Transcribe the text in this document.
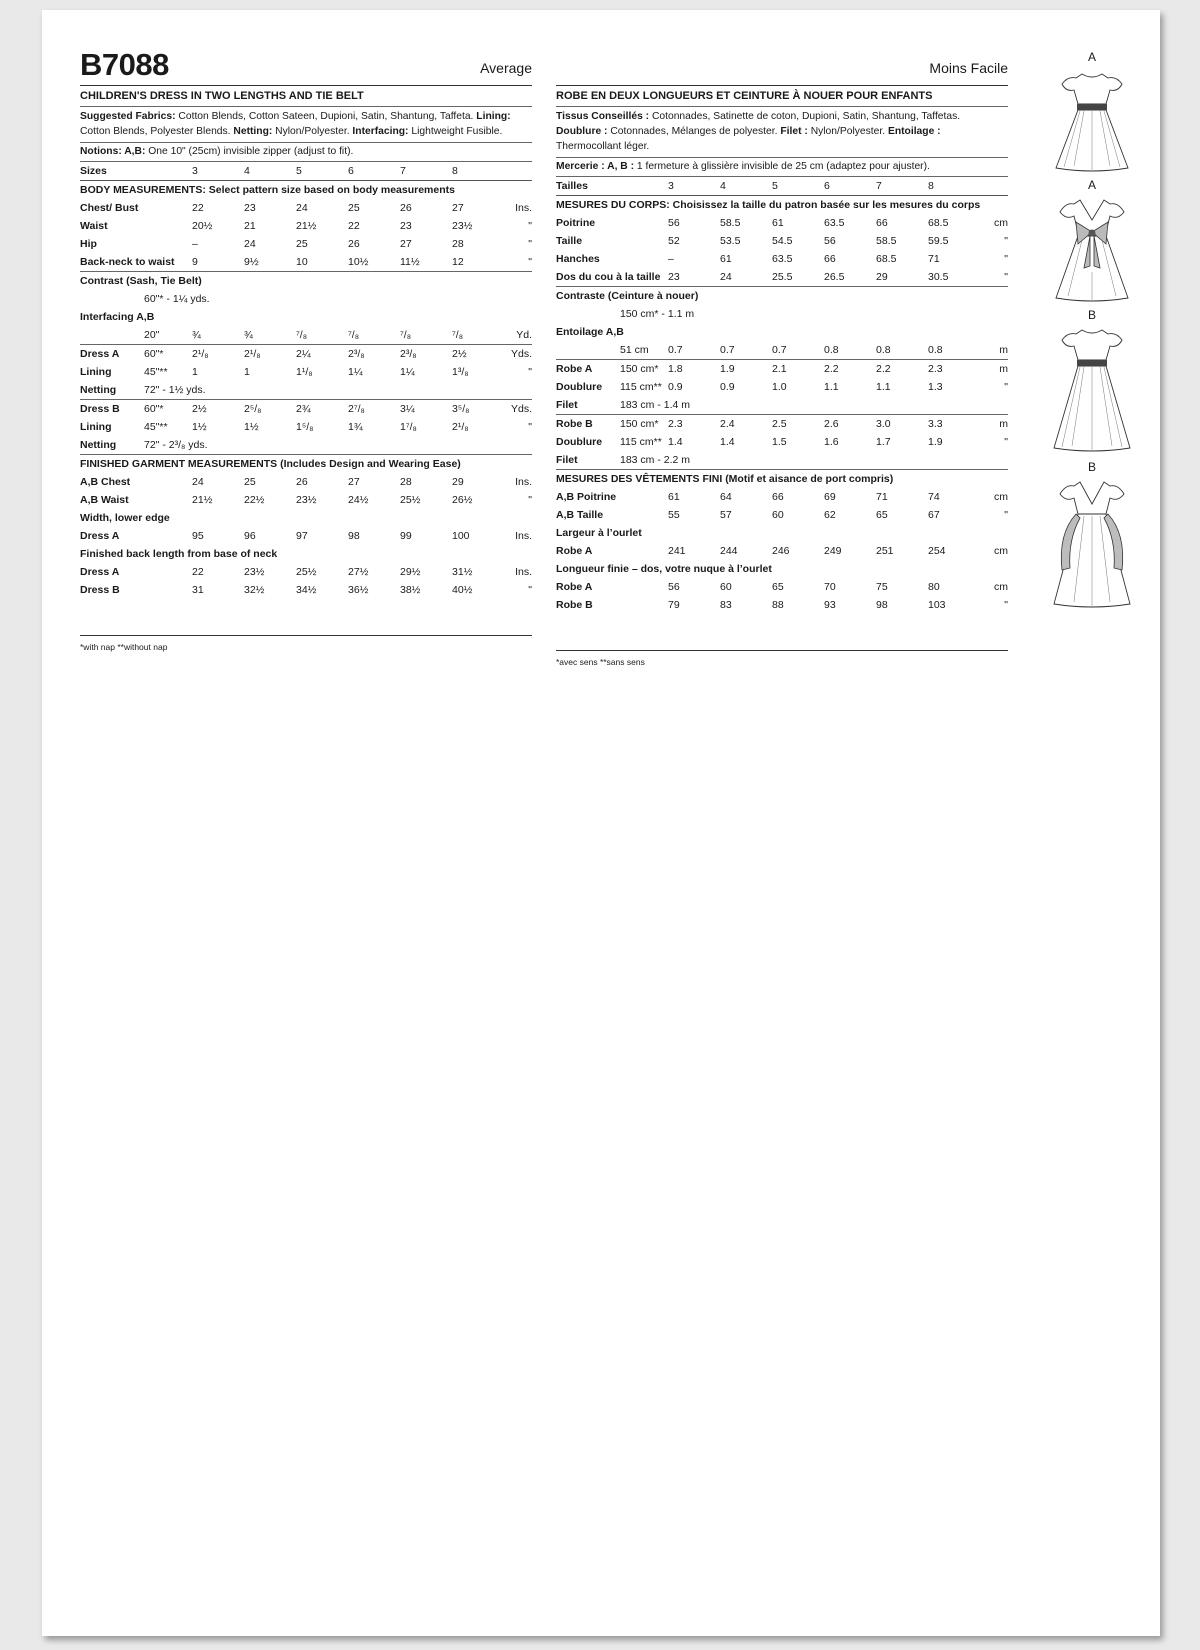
B7088	Average
CHILDREN'S DRESS IN TWO LENGTHS AND TIE BELT
Suggested Fabrics: Cotton Blends, Cotton Sateen, Dupioni, Satin, Shantung, Taffeta. Lining: Cotton Blends, Polyester Blends. Netting: Nylon/Polyester. Interfacing: Lightweight Fusible.
Notions: A,B: One 10" (25cm) invisible zipper (adjust to fit).
Sizes		3	4	5	6	7	8	
BODY MEASUREMENTS: Select pattern size based on body measurements								
Chest/ Bust		22	23	24	25	26	27	Ins.
Waist		20½	21	21½	22	23	23½	"
Hip		–	24	25	26	27	28	"
Back-neck to waist		9	9½	10	10½	11½	12	"
Contrast (Sash, Tie Belt)								
60"* - 1¼ yds.								
Interfacing A,B								
	20"	¾	¾	⁷/₈	⁷/₈	⁷/₈	⁷/₈	Yd.
Dress A	60"*	2¹/₈	2¹/₈	2¼	2³/₈	2³/₈	2½	Yds.
Lining	45"**	1	1	1¹/₈	1¼	1¼	1³/₈	"
Netting	72" - 1½ yds.							
Dress B	60"*	2½	2⁵/₈	2¾	2⁷/₈	3¼	3⁵/₈	Yds.
Lining	45"**	1½	1½	1⁵/₈	1¾	1⁷/₈	2¹/₈	"
Netting	72" - 2³/₈ yds.							
FINISHED GARMENT MEASUREMENTS (Includes Design and Wearing Ease)								
A,B Chest		24	25	26	27	28	29	Ins.
A,B Waist		21½	22½	23½	24½	25½	26½	"
Width, lower edge								
Dress A		95	96	97	98	99	100	Ins.
Finished back length from base of neck								
Dress A		22	23½	25½	27½	29½	31½	Ins.
Dress B		31	32½	34½	36½	38½	40½	"
*with nap **without nap
Moins Facile
ROBE EN DEUX LONGUEURS ET CEINTURE À NOUER POUR ENFANTS
Tissus Conseillés : Cotonnades, Satinette de coton, Dupioni, Satin, Shantung, Taffetas. Doublure : Cotonnades, Mélanges de polyester. Filet : Nylon/Polyester. Entoilage : Thermocollant léger.
Mercerie : A, B : 1 fermeture à glissière invisible de 25 cm (adaptez pour ajuster).
Tailles		3	4	5	6	7	8	
MESURES DU CORPS: Choisissez la taille du patron basée sur les mesures du corps								
Poitrine		56	58.5	61	63.5	66	68.5	cm
Taille		52	53.5	54.5	56	58.5	59.5	"
Hanches		–	61	63.5	66	68.5	71	"
Dos du cou à la taille		23	24	25.5	26.5	29	30.5	"
Contraste (Ceinture à nouer)								
150 cm* - 1.1 m								
Entoilage A,B								
	51 cm	0.7	0.7	0.7	0.8	0.8	0.8	m
Robe A	150 cm*	1.8	1.9	2.1	2.2	2.2	2.3	m
Doublure	115 cm**	0.9	0.9	1.0	1.1	1.1	1.3	"
Filet	183 cm - 1.4 m							
Robe B	150 cm*	2.3	2.4	2.5	2.6	3.0	3.3	m
Doublure	115 cm**	1.4	1.4	1.5	1.6	1.7	1.9	"
Filet	183 cm - 2.2 m							
MESURES DES VÊTEMENTS FINI (Motif et aisance de port compris)								
A,B Poitrine		61	64	66	69	71	74	cm
A,B Taille		55	57	60	62	65	67	"
Largeur à l’ourlet								
Robe A		241	244	246	249	251	254	cm
Longueur finie – dos, votre nuque à l’ourlet								
Robe A		56	60	65	70	75	80	cm
Robe B		79	83	88	93	98	103	"
*avec sens **sans sens
A
A
B
B
